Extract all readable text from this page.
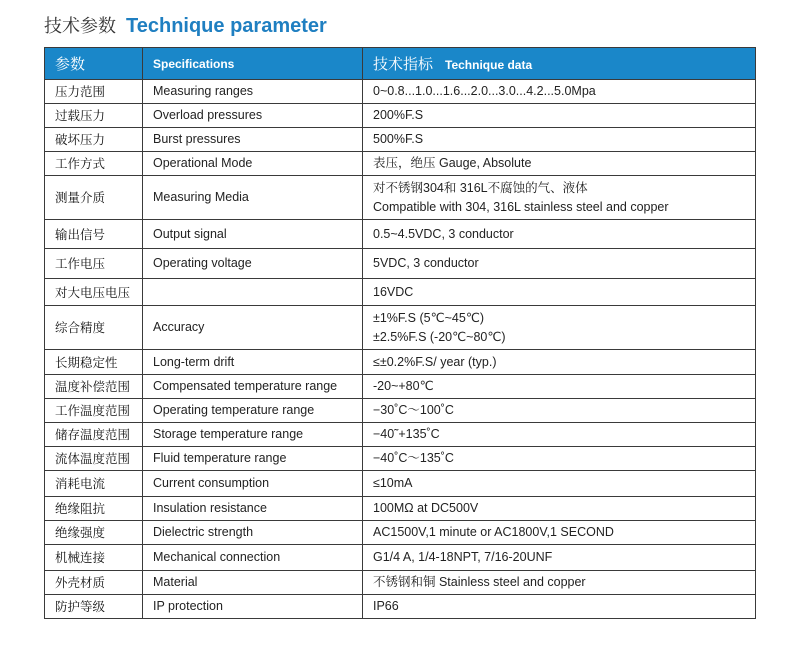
技术参数 Technique parameter
参数	Specifications	技术指标 Technique data
压力范围	Measuring ranges	0~0.8...1.0...1.6...2.0...3.0...4.2...5.0Mpa

过载压力	Overload pressures	200%F.S

破坏压力	Burst pressures	500%F.S

工作方式	Operational Mode	表压，绝压 Gauge, Absolute

测量介质	Measuring Media	对不锈钢304和 316L不腐蚀的气、液体
Compatible with 304, 316L stainless steel and copper

输出信号	Output signal	0.5~4.5VDC, 3 conductor

工作电压	Operating voltage	5VDC, 3 conductor

对大电压电压		16VDC

综合精度	Accuracy	±1%F.S (5℃~45℃)
±2.5%F.S (-20℃~80℃)

长期稳定性	Long-term drift	≤±0.2%F.S/ year (typ.)

温度补偿范围	Compensated temperature range	-20~+80℃

工作温度范围	Operating temperature range	−30˚C～100˚C

储存温度范围	Storage temperature range	−40˜+135˚C

流体温度范围	Fluid temperature range	−40˚C～135˚C

消耗电流	Current consumption	≤10mA

绝缘阻抗	Insulation resistance	100MΩ at DC500V

绝缘强度	Dielectric strength	AC1500V,1 minute or AC1800V,1 SECOND

机械连接	Mechanical connection	G1/4 A, 1/4-18NPT, 7/16-20UNF

外壳材质	Material	不锈钢和铜 Stainless steel and copper

防护等级	IP protection	IP66
